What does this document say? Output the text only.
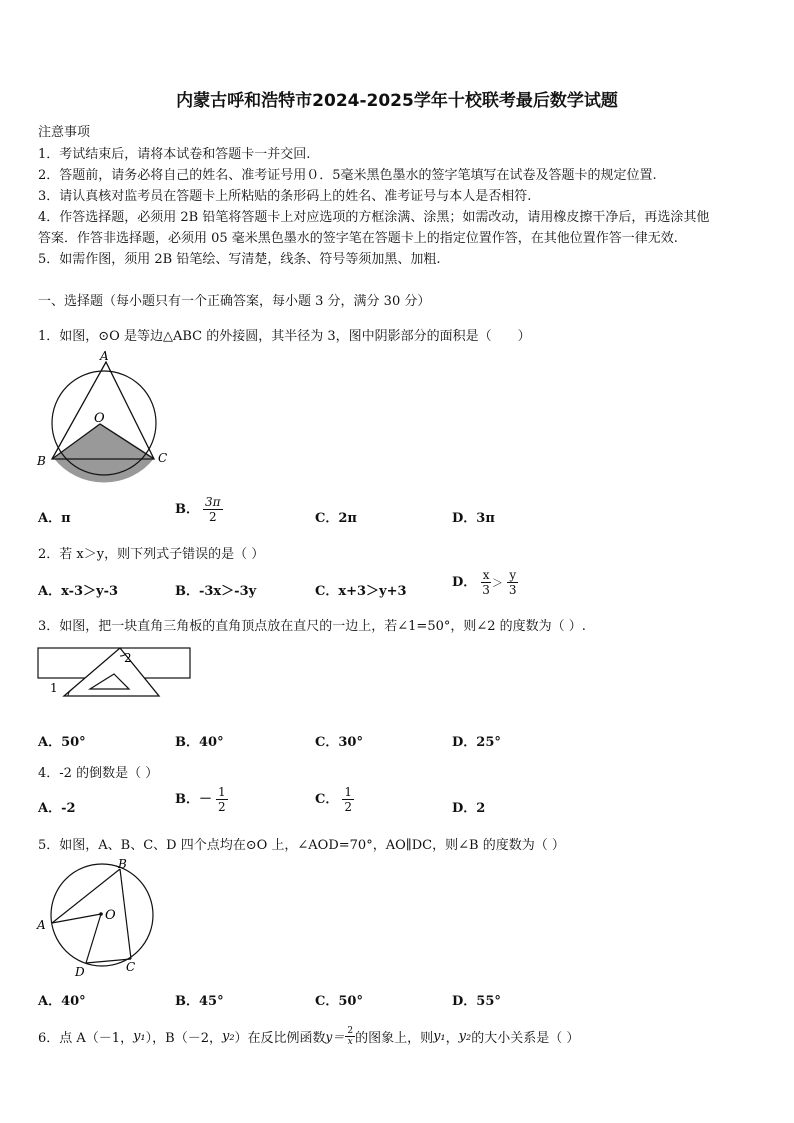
内蒙古呼和浩特市2024-2025学年十校联考最后数学试题
注意事项
1．考试结束后，请将本试卷和答题卡一并交回.
2．答题前，请务必将自己的姓名、准考证号用０．5毫米黑色墨水的签字笔填写在试卷及答题卡的规定位置.
3．请认真核对监考员在答题卡上所粘贴的条形码上的姓名、准考证号与本人是否相符.
4．作答选择题，必须用 2B 铅笔将答题卡上对应选项的方框涂满、涂黑；如需改动，请用橡皮擦干净后，再选涂其他
答案．作答非选择题，必须用 05 毫米黑色墨水的签字笔在答题卡上的指定位置作答，在其他位置作答一律无效.
5．如需作图，须用 2B 铅笔绘、写清楚，线条、符号等须加黑、加粗.
一、选择题（每小题只有一个正确答案，每小题 3 分，满分 30 分）
1．如图，⊙O 是等边△ABC 的外接圆，其半径为 3，图中阴影部分的面积是（　　）
A
O
B	C
A．π
B． $\frac{3\pi}{2}$	C．2π	D．3π
2．若 x＞y，则下列式子错误的是（ ）
A．x-3＞y-3	B．-3x＞-3y	C．x+3＞y+3
D． $\frac{x}{3} > \frac{y}{3}$
3．如图，把一块直角三角板的直角顶点放在直尺的一边上，若∠1=50°，则∠2 的度数为（ ）.
1
2
A．50°	B．40°	C．30°	D．25°
4．-2 的倒数是（ ）
A．-2
B．－ $\frac{1}{2}$	C． $\frac{1}{2}$	D．2
5．如图，A、B、C、D 四个点均在⊙O 上，∠AOD=70°，AO∥DC，则∠B 的度数为（ ）
A
B
C
D
O
A．40°	B．45°	C．50°	D．55°
6．点 A（－1， y₁ ），B（－2， y₂ ）在反比例函数 $y= \frac{2}{x}$ 的图象上，则 y₁ ， y₂ 的大小关系是（ ）
